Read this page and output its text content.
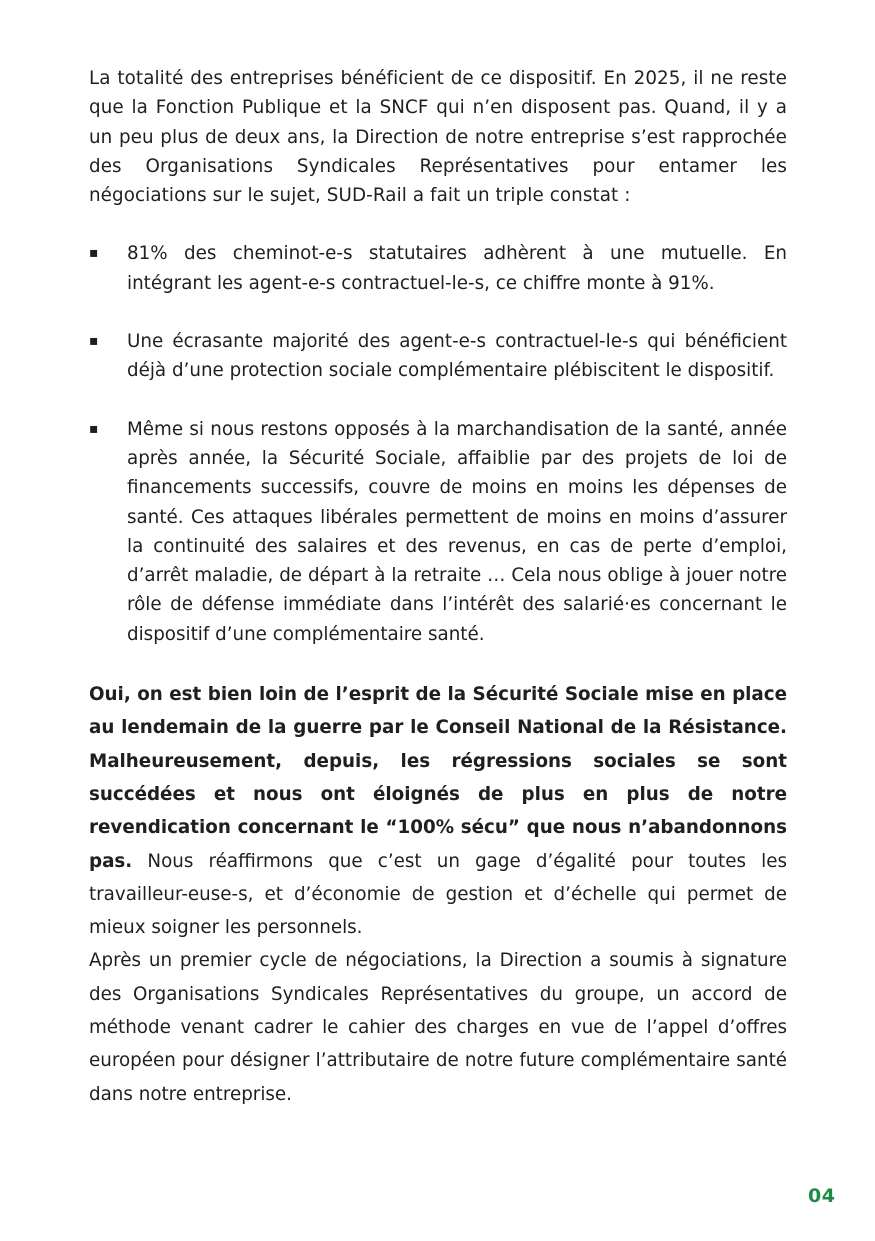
La totalité des entreprises bénéficient de ce dispositif. En 2025, il ne reste que la Fonction Publique et la SNCF qui n’en disposent pas. Quand, il y a un peu plus de deux ans, la Direction de notre entreprise s’est rapprochée des Organisations Syndicales Représentatives pour entamer les négociations sur le sujet, SUD-Rail a fait un triple constat :

▪ 81% des cheminot-e-s statutaires adhèrent à une mutuelle. En intégrant les agent-e-s contractuel-le-s, ce chiffre monte à 91%.
▪ Une écrasante majorité des agent-e-s contractuel-le-s qui bénéficient déjà d’une protection sociale complémentaire plébiscitent le dispositif.
▪ Même si nous restons opposés à la marchandisation de la santé, année après année, la Sécurité Sociale, affaiblie par des projets de loi de financements successifs, couvre de moins en moins les dépenses de santé. Ces attaques libérales permettent de moins en moins d’assurer la continuité des salaires et des revenus, en cas de perte d’emploi, d’arrêt maladie, de départ à la retraite … Cela nous oblige à jouer notre rôle de défense immédiate dans l’intérêt des salarié·es concernant le dispositif d’une complémentaire santé.

Oui, on est bien loin de l’esprit de la Sécurité Sociale mise en place au lendemain de la guerre par le Conseil National de la Résistance. Malheureusement, depuis, les régressions sociales se sont succédées et nous ont éloignés de plus en plus de notre revendication concernant le “100% sécu” que nous n’abandonnons pas. Nous réaffirmons que c’est un gage d’égalité pour toutes les travailleur-euse-s, et d’économie de gestion et d’échelle qui permet de mieux soigner les personnels.

Après un premier cycle de négociations, la Direction a soumis à signature des Organisations Syndicales Représentatives du groupe, un accord de méthode venant cadrer le cahier des charges en vue de l’appel d’offres européen pour désigner l’attributaire de notre future complémentaire santé dans notre entreprise.

04
